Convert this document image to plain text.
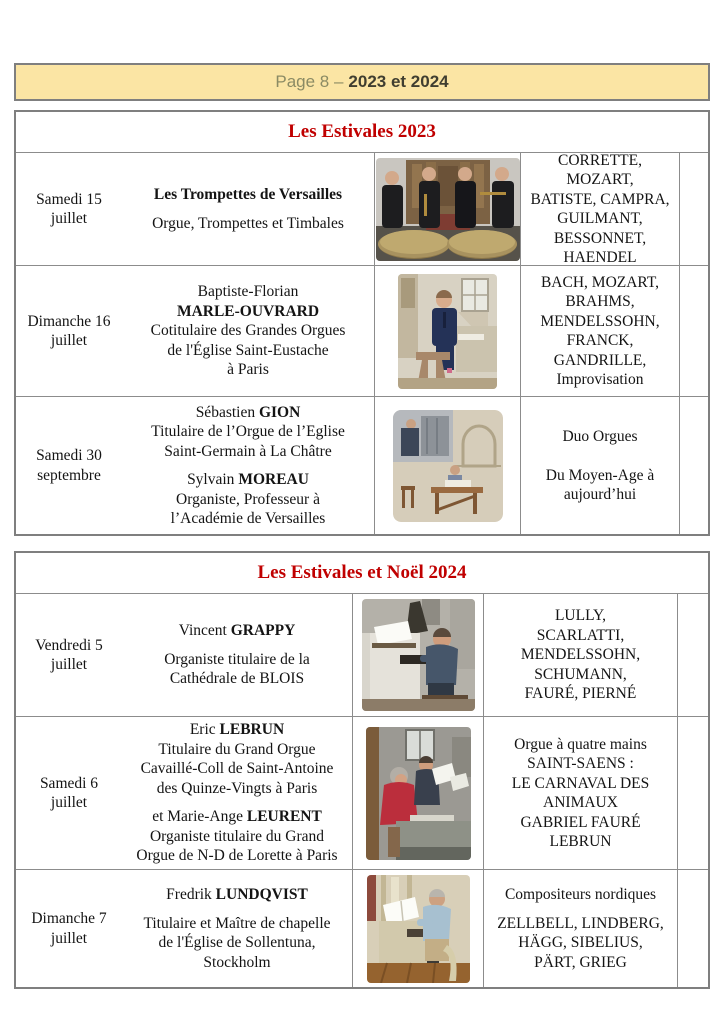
Page 8 – 2023 et 2024
Les Estivales 2023
Samedi 15
juillet
Les Trompettes de Versailles
Orgue, Trompettes et Timbales
CORRETTE,
MOZART,
BATISTE, CAMPRA,
GUILMANT,
BESSONNET,
HAENDEL
Dimanche 16
juillet
Baptiste-Florian
MARLE-OUVRARD
Cotitulaire des Grandes Orgues
de l'Église Saint-Eustache
à Paris
BACH, MOZART,
BRAHMS,
MENDELSSOHN,
FRANCK,
GANDRILLE,
Improvisation
Samedi 30
septembre
Sébastien GION
Titulaire de l’Orgue de l’Eglise
Saint-Germain à La Châtre
Sylvain MOREAU
Organiste, Professeur à
l’Académie de Versailles
Duo Orgues

Du Moyen-Age à
aujourd’hui
Les Estivales et Noël 2024
Vendredi 5
juillet
Vincent GRAPPY
Organiste titulaire de la
Cathédrale de BLOIS
LULLY,
SCARLATTI,
MENDELSSOHN,
SCHUMANN,
FAURÉ, PIERNÉ
Samedi 6
juillet
Eric LEBRUN
Titulaire du Grand Orgue
Cavaillé-Coll de Saint-Antoine
des Quinze-Vingts à Paris
et Marie-Ange LEURENT
Organiste titulaire du Grand
Orgue de N-D de Lorette à Paris
Orgue à quatre mains
SAINT-SAENS :
LE CARNAVAL DES
ANIMAUX
GABRIEL FAURÉ
LEBRUN
Dimanche 7
juillet
Fredrik LUNDQVIST
Titulaire et Maître de chapelle
de l'Église de Sollentuna,
Stockholm
Compositeurs nordiques
ZELLBELL, LINDBERG,
HÄGG, SIBELIUS,
PÄRT, GRIEG
